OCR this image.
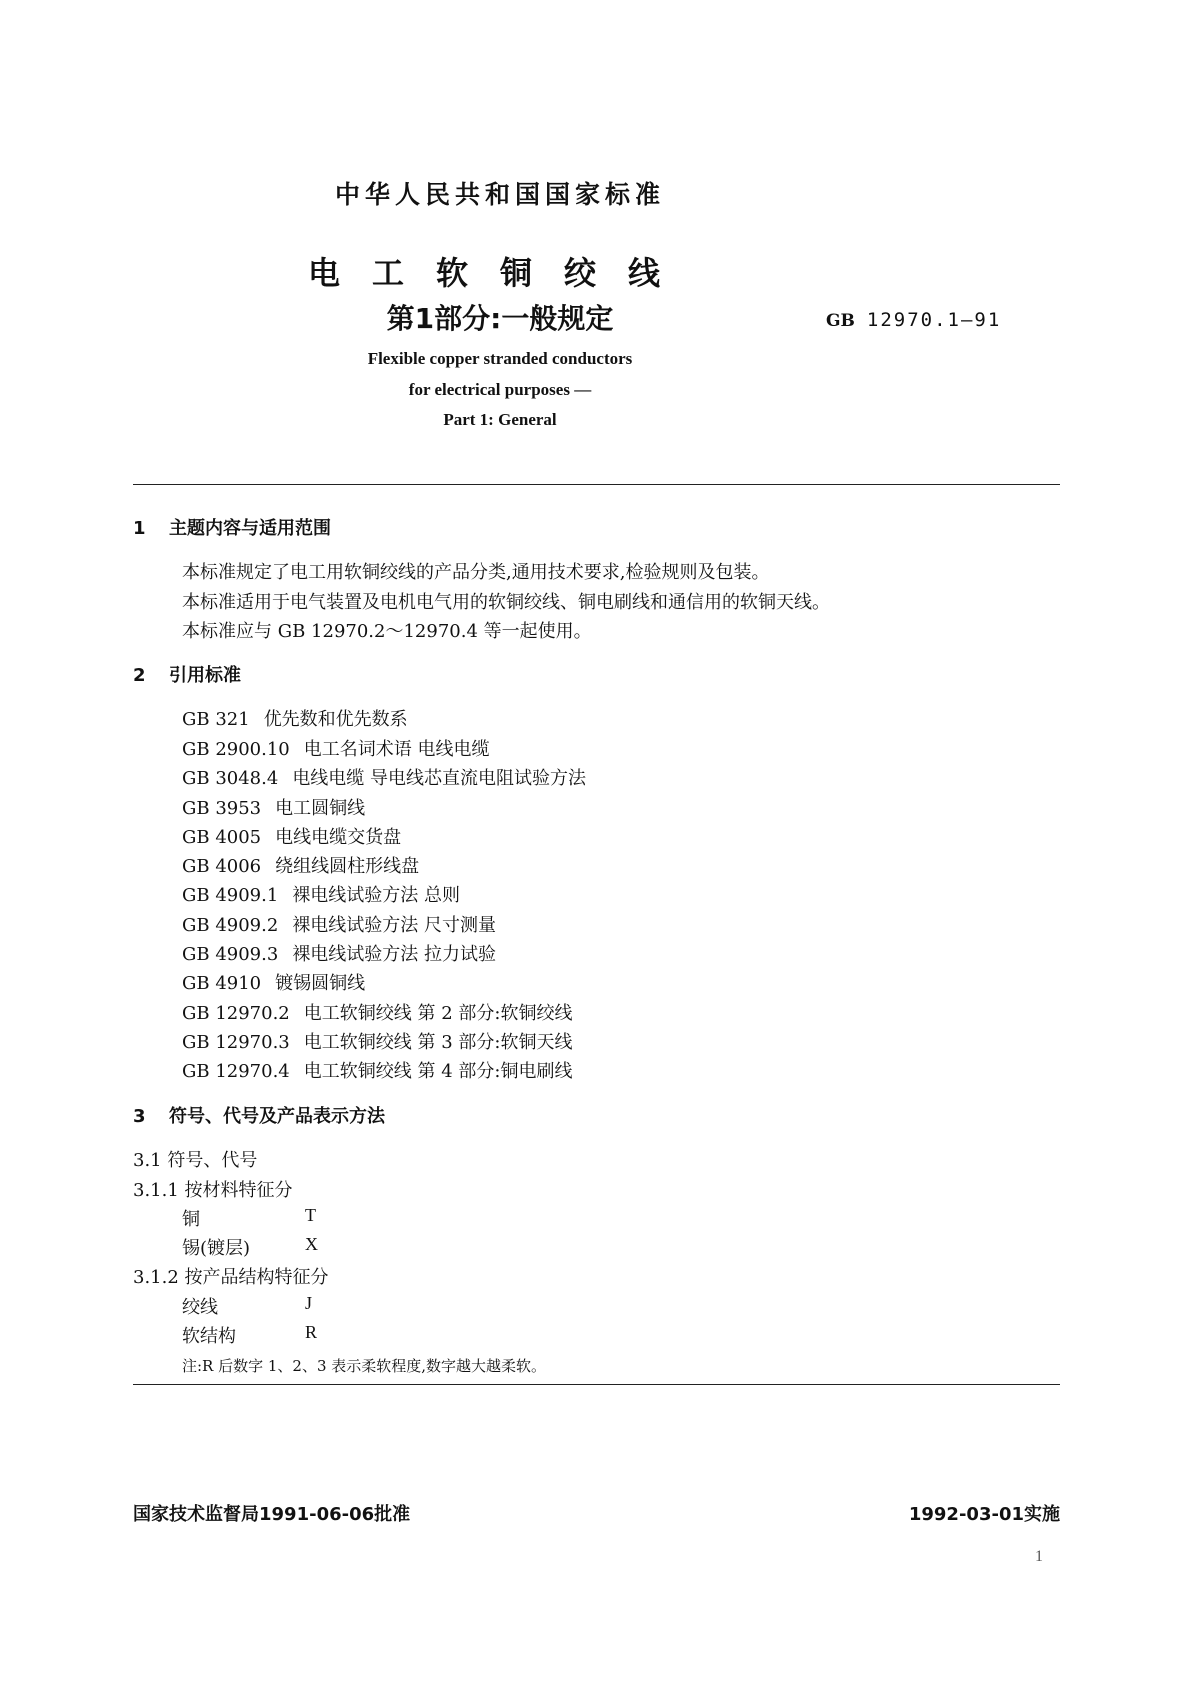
中华人民共和国国家标准
电工软铜绞线
第1部分:一般规定	GB 12970.1—91
Flexible copper stranded conductors
for electrical purposes —
Part 1: General
1 主题内容与适用范围
本标准规定了电工用软铜绞线的产品分类,通用技术要求,检验规则及包装。
本标准适用于电气装置及电机电气用的软铜绞线、铜电刷线和通信用的软铜天线。
本标准应与 GB 12970.2～12970.4 等一起使用。
2 引用标准
GB 321 优先数和优先数系
GB 2900.10 电工名词术语 电线电缆
GB 3048.4 电线电缆 导电线芯直流电阻试验方法
GB 3953 电工圆铜线
GB 4005 电线电缆交货盘
GB 4006 绕组线圆柱形线盘
GB 4909.1 裸电线试验方法 总则
GB 4909.2 裸电线试验方法 尺寸测量
GB 4909.3 裸电线试验方法 拉力试验
GB 4910 镀锡圆铜线
GB 12970.2 电工软铜绞线 第 2 部分:软铜绞线
GB 12970.3 电工软铜绞线 第 3 部分:软铜天线
GB 12970.4 电工软铜绞线 第 4 部分:铜电刷线
3 符号、代号及产品表示方法
3.1 符号、代号
3.1.1 按材料特征分
铜	T
锡(镀层)	X
3.1.2 按产品结构特征分
绞线	J
软结构	R
注:R 后数字 1、2、3 表示柔软程度,数字越大越柔软。
国家技术监督局1991-06-06批准	1992-03-01实施
1
